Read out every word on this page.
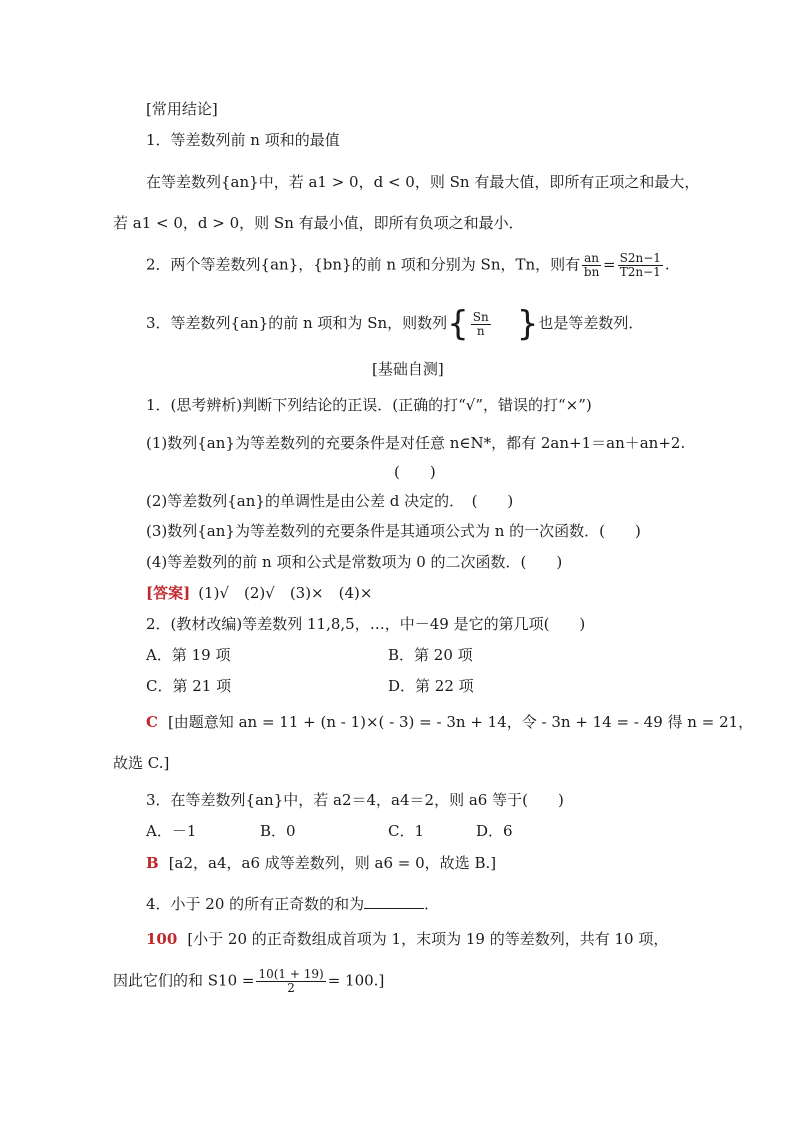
[常用结论]
1．等差数列前 n 项和的最值
在等差数列{an}中，若 a1 > 0，d < 0，则 Sn 有最大值，即所有正项之和最大，
若 a1 < 0，d > 0，则 Sn 有最小值，即所有负项之和最小．
2．两个等差数列{an}，{bn}的前 n 项和分别为 Sn，Tn，则有 $\frac{an}{bn} = \frac{S2n-1}{T2n-1}$ .
3．等差数列{an}的前 n 项和为 Sn，则数列{ $\frac{Sn}{n}$ }也是等差数列．
[基础自测]
1．(思考辨析)判断下列结论的正误．(正确的打“√”，错误的打“×”)
(1)数列{an}为等差数列的充要条件是对任意 n∈N*，都有 2an+1＝an＋an+2.
(　　)
(2)等差数列{an}的单调性是由公差 d 决定的．　(　　)
(3)数列{an}为等差数列的充要条件是其通项公式为 n 的一次函数．(　　)
(4)等差数列的前 n 项和公式是常数项为 0 的二次函数．(　　)
[答案] (1)√　(2)√　(3)×　(4)×
2．(教材改编)等差数列 11,8,5，…，中－49 是它的第几项(　　)
A．第 19 项	B．第 20 项
C．第 21 项	D．第 22 项
C [由题意知 an = 11 + (n - 1)×( - 3) = - 3n + 14，令 - 3n + 14 = - 49 得 n = 21，
故选 C.]
3．在等差数列{an}中，若 a2＝4，a4＝2，则 a6 等于(　　)
A．－1	B．0	C．1	D．6
B [a2，a4，a6 成等差数列，则 a6 = 0，故选 B.]
4．小于 20 的所有正奇数的和为	．
100 [小于 20 的正奇数组成首项为 1，末项为 19 的等差数列，共有 10 项，
因此它们的和 $S10 = \frac{10(1 + 19)}{2} = 100$.]
